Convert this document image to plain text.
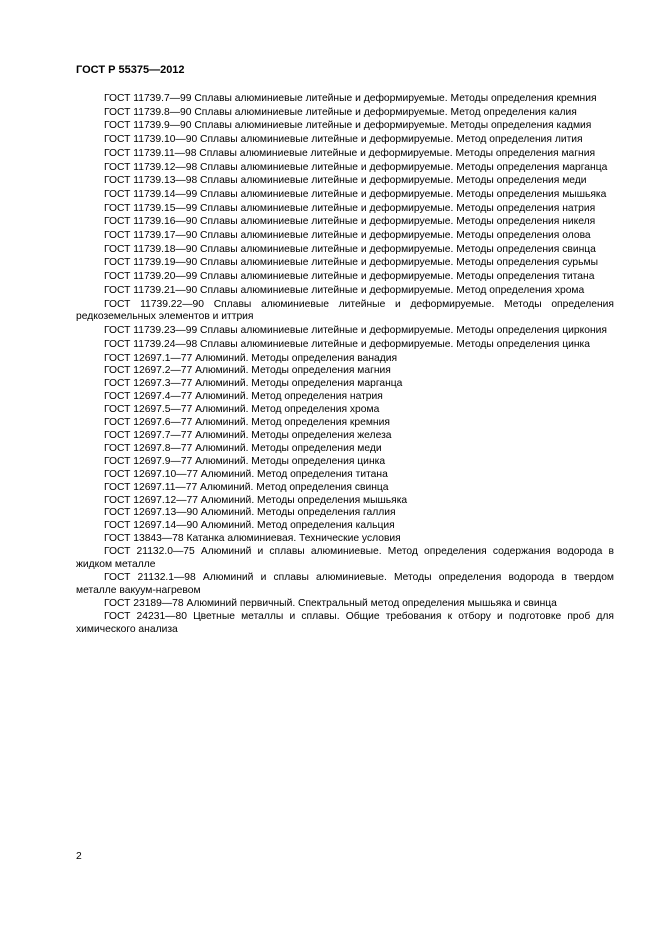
ГОСТ Р 55375—2012

ГОСТ 11739.7—99 Сплавы алюминиевые литейные и деформируемые. Методы определения кремния

ГОСТ 11739.8—90 Сплавы алюминиевые литейные и деформируемые. Метод определения калия

ГОСТ 11739.9—90 Сплавы алюминиевые литейные и деформируемые. Методы определения кадмия

ГОСТ 11739.10—90 Сплавы алюминиевые литейные и деформируемые. Метод определения лития

ГОСТ 11739.11—98 Сплавы алюминиевые литейные и деформируемые. Методы определения магния

ГОСТ 11739.12—98 Сплавы алюминиевые литейные и деформируемые. Методы определения марганца

ГОСТ 11739.13—98 Сплавы алюминиевые литейные и деформируемые. Методы определения меди

ГОСТ 11739.14—99 Сплавы алюминиевые литейные и деформируемые. Методы определения мышьяка

ГОСТ 11739.15—99 Сплавы алюминиевые литейные и деформируемые. Методы определения натрия

ГОСТ 11739.16—90 Сплавы алюминиевые литейные и деформируемые. Методы определения никеля

ГОСТ 11739.17—90 Сплавы алюминиевые литейные и деформируемые. Методы определения олова

ГОСТ 11739.18—90 Сплавы алюминиевые литейные и деформируемые. Методы определения свинца

ГОСТ 11739.19—90 Сплавы алюминиевые литейные и деформируемые. Методы определения сурьмы

ГОСТ 11739.20—99 Сплавы алюминиевые литейные и деформируемые. Методы определения титана

ГОСТ 11739.21—90 Сплавы алюминиевые литейные и деформируемые. Метод определения хрома

ГОСТ 11739.22—90 Сплавы алюминиевые литейные и деформируемые. Методы определения редкоземельных элементов и иттрия

ГОСТ 11739.23—99 Сплавы алюминиевые литейные и деформируемые. Методы определения циркония

ГОСТ 11739.24—98 Сплавы алюминиевые литейные и деформируемые. Методы определения цинка

ГОСТ 12697.1—77 Алюминий. Методы определения ванадия

ГОСТ 12697.2—77 Алюминий. Методы определения магния

ГОСТ 12697.3—77 Алюминий. Методы определения марганца

ГОСТ 12697.4—77 Алюминий. Метод определения натрия

ГОСТ 12697.5—77 Алюминий. Метод определения хрома

ГОСТ 12697.6—77 Алюминий. Метод определения кремния

ГОСТ 12697.7—77 Алюминий. Методы определения железа

ГОСТ 12697.8—77 Алюминий. Методы определения меди

ГОСТ 12697.9—77 Алюминий. Методы определения цинка

ГОСТ 12697.10—77 Алюминий. Метод определения титана

ГОСТ 12697.11—77 Алюминий. Метод определения свинца

ГОСТ 12697.12—77 Алюминий. Методы определения мышьяка

ГОСТ 12697.13—90 Алюминий. Методы определения галлия

ГОСТ 12697.14—90 Алюминий. Метод определения кальция

ГОСТ 13843—78 Катанка алюминиевая. Технические условия

ГОСТ 21132.0—75 Алюминий и сплавы алюминиевые. Метод определения содержания водорода в жидком металле

ГОСТ 21132.1—98 Алюминий и сплавы алюминиевые. Методы определения водорода в твердом металле вакуум-нагревом

ГОСТ 23189—78 Алюминий первичный. Спектральный метод определения мышьяка и свинца

ГОСТ 24231—80 Цветные металлы и сплавы. Общие требования к отбору и подготовке проб для химического анализа

2
